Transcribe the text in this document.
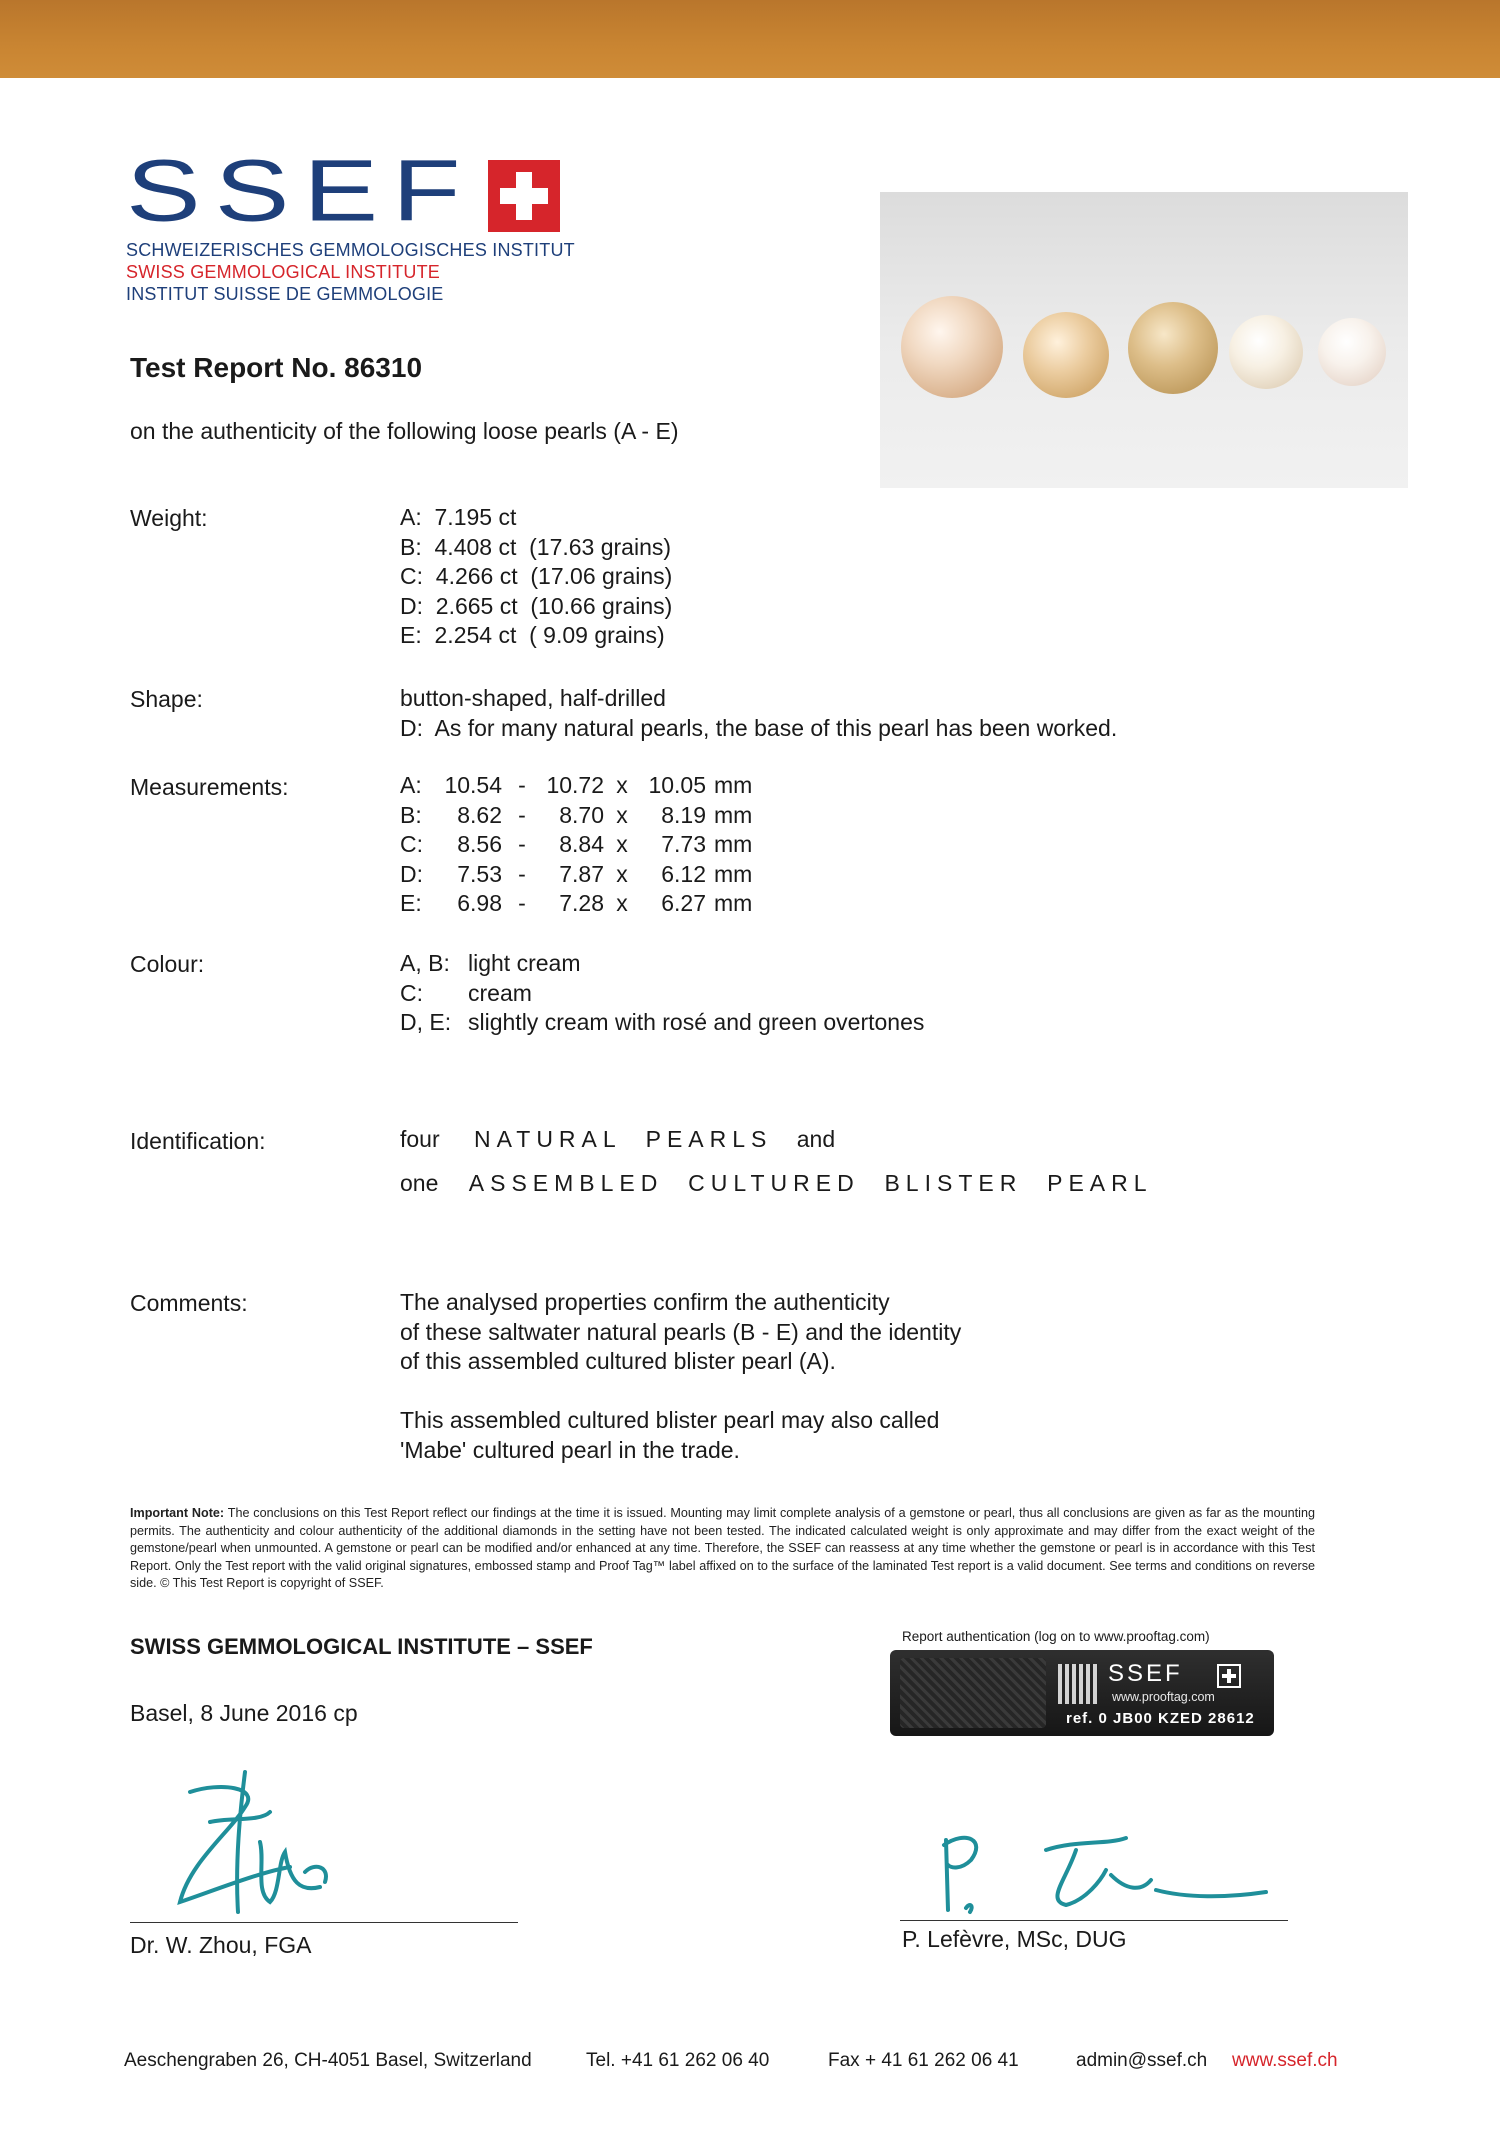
SSEF
SCHWEIZERISCHES GEMMOLOGISCHES INSTITUT
SWISS GEMMOLOGICAL INSTITUTE
INSTITUT SUISSE DE GEMMOLOGIE
Test Report No. 86310
on the authenticity of the following loose pearls (A - E)
Weight:	A:  7.195 ct
B:  4.408 ct  (17.63 grains)
C:  4.266 ct  (17.06 grains)
D:  2.665 ct  (10.66 grains)
E:  2.254 ct  ( 9.09 grains)
Shape:	button-shaped, half-drilled
D:  As for many natural pearls, the base of this pearl has been worked.
Measurements:	A:	10.54	-	10.72	x	10.05	mm
B:	8.62	-	8.70	x	8.19	mm
C:	8.56	-	8.84	x	7.73	mm
D:	7.53	-	7.87	x	6.12	mm
E:	6.98	-	7.28	x	6.27	mm
Colour:	A, B:	light cream
C:	cream
D, E:	slightly cream with rosé and green overtones
Identification:	four NATURAL  PEARLS and
one ASSEMBLED  CULTURED  BLISTER  PEARL
Comments:	The analysed properties confirm the authenticity
of these saltwater natural pearls (B - E) and the identity
of this assembled cultured blister pearl (A).
This assembled cultured blister pearl may also called
'Mabe' cultured pearl in the trade.
Important Note: The conclusions on this Test Report reflect our findings at the time it is issued. Mounting may limit complete analysis of a gemstone or pearl, thus all conclusions are given as far as the mounting permits. The authenticity and colour authenticity of the additional diamonds in the setting have not been tested. The indicated calculated weight is only approximate and may differ from the exact weight of the gemstone/pearl when unmounted. A gemstone or pearl can be modified and/or enhanced at any time. Therefore, the SSEF can reassess at any time whether the gemstone or pearl is in accordance with this Test Report. Only the Test report with the valid original signatures, embossed stamp and Proof Tag™ label affixed on to the surface of the laminated Test report is a valid document. See terms and conditions on reverse side. © This Test Report is copyright of SSEF.
SWISS GEMMOLOGICAL INSTITUTE – SSEF
Basel, 8 June 2016 cp
Report authentication (log on to www.prooftag.com)
SSEF
www.prooftag.com
ref. 0 JB00 KZED 28612
Dr. W. Zhou, FGA	P. Lefèvre, MSc, DUG
Aeschengraben 26, CH-4051 Basel, Switzerland	Tel. +41 61 262 06 40	Fax + 41 61 262 06 41	admin@ssef.ch www.ssef.ch
